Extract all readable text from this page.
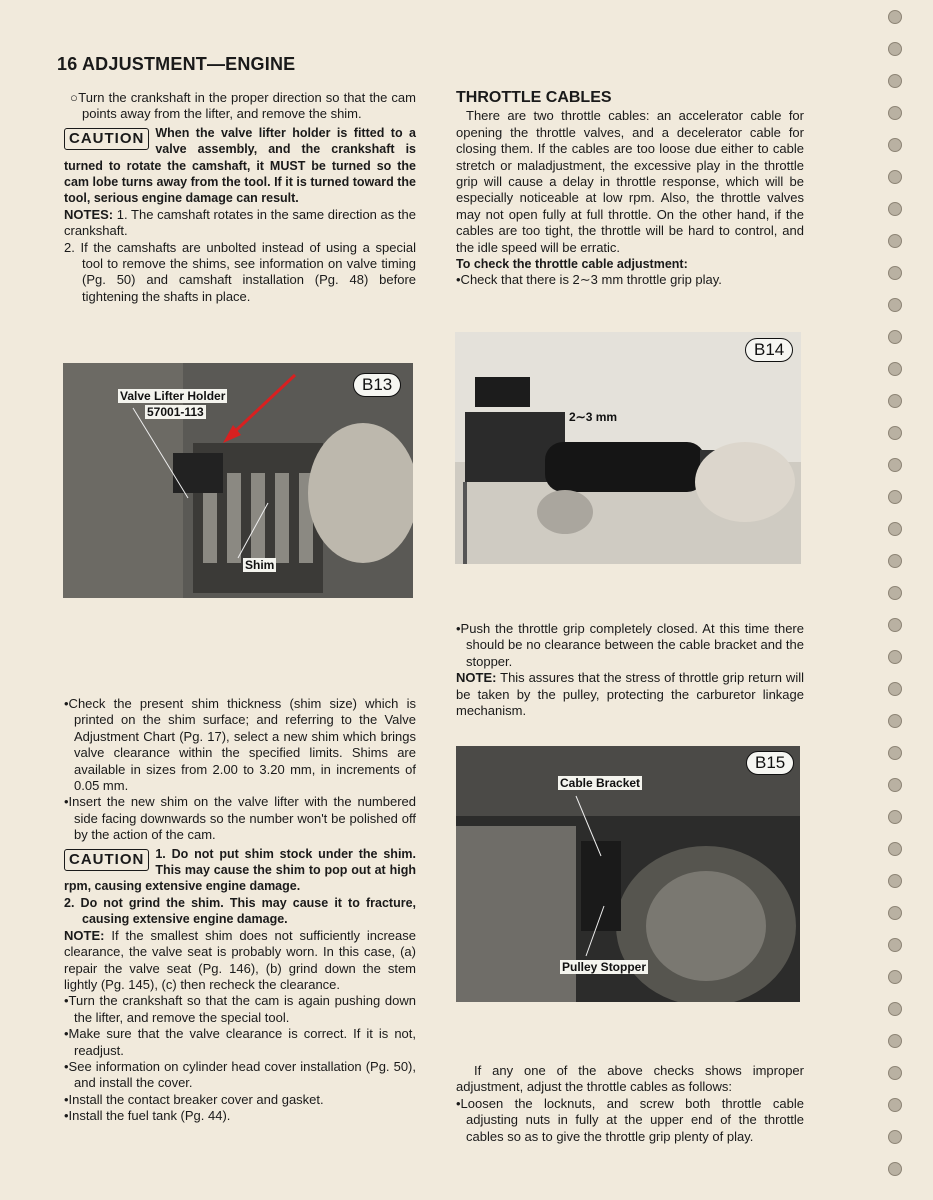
16 ADJUSTMENT—ENGINE

○Turn the crankshaft in the proper direction so that the cam points away from the lifter, and remove the shim.

CAUTION When the valve lifter holder is fitted to a valve assembly, and the crankshaft is turned to rotate the camshaft, it MUST be turned so the cam lobe turns away from the tool. If it is turned toward the tool, serious engine damage can result.

NOTES: 1. The camshaft rotates in the same direction as the crankshaft.

2. If the camshafts are unbolted instead of using a special tool to remove the shims, see information on valve timing (Pg. 50) and camshaft installation (Pg. 48) before tightening the shafts in place.

B13
Valve Lifter Holder
57001-113
Shim

•Check the present shim thickness (shim size) which is printed on the shim surface; and referring to the Valve Adjustment Chart (Pg. 17), select a new shim which brings valve clearance within the specified limits. Shims are available in sizes from 2.00 to 3.20 mm, in increments of 0.05 mm.

•Insert the new shim on the valve lifter with the numbered side facing downwards so the number won't be polished off by the action of the cam.

CAUTION 1. Do not put shim stock under the shim. This may cause the shim to pop out at high rpm, causing extensive engine damage.

2. Do not grind the shim. This may cause it to fracture, causing extensive engine damage.

NOTE: If the smallest shim does not sufficiently increase clearance, the valve seat is probably worn. In this case, (a) repair the valve seat (Pg. 146), (b) grind down the stem lightly (Pg. 145), (c) then recheck the clearance.

•Turn the crankshaft so that the cam is again pushing down the lifter, and remove the special tool.

•Make sure that the valve clearance is correct. If it is not, readjust.

•See information on cylinder head cover installation (Pg. 50), and install the cover.

•Install the contact breaker cover and gasket.

•Install the fuel tank (Pg. 44).

THROTTLE CABLES

There are two throttle cables: an accelerator cable for opening the throttle valves, and a decelerator cable for closing them. If the cables are too loose due either to cable stretch or maladjustment, the excessive play in the throttle grip will cause a delay in throttle response, which will be especially noticeable at low rpm. Also, the throttle valves may not open fully at full throttle. On the other hand, if the cables are too tight, the throttle will be hard to control, and the idle speed will be erratic.

To check the throttle cable adjustment:

•Check that there is 2∼3 mm throttle grip play.

B14
2∼3 mm

•Push the throttle grip completely closed. At this time there should be no clearance between the cable bracket and the stopper.

NOTE: This assures that the stress of throttle grip return will be taken by the pulley, protecting the carburetor linkage mechanism.

B15
Cable Bracket
Pulley Stopper

If any one of the above checks shows improper adjustment, adjust the throttle cables as follows:

•Loosen the locknuts, and screw both throttle cable adjusting nuts in fully at the upper end of the throttle cables so as to give the throttle grip plenty of play.
